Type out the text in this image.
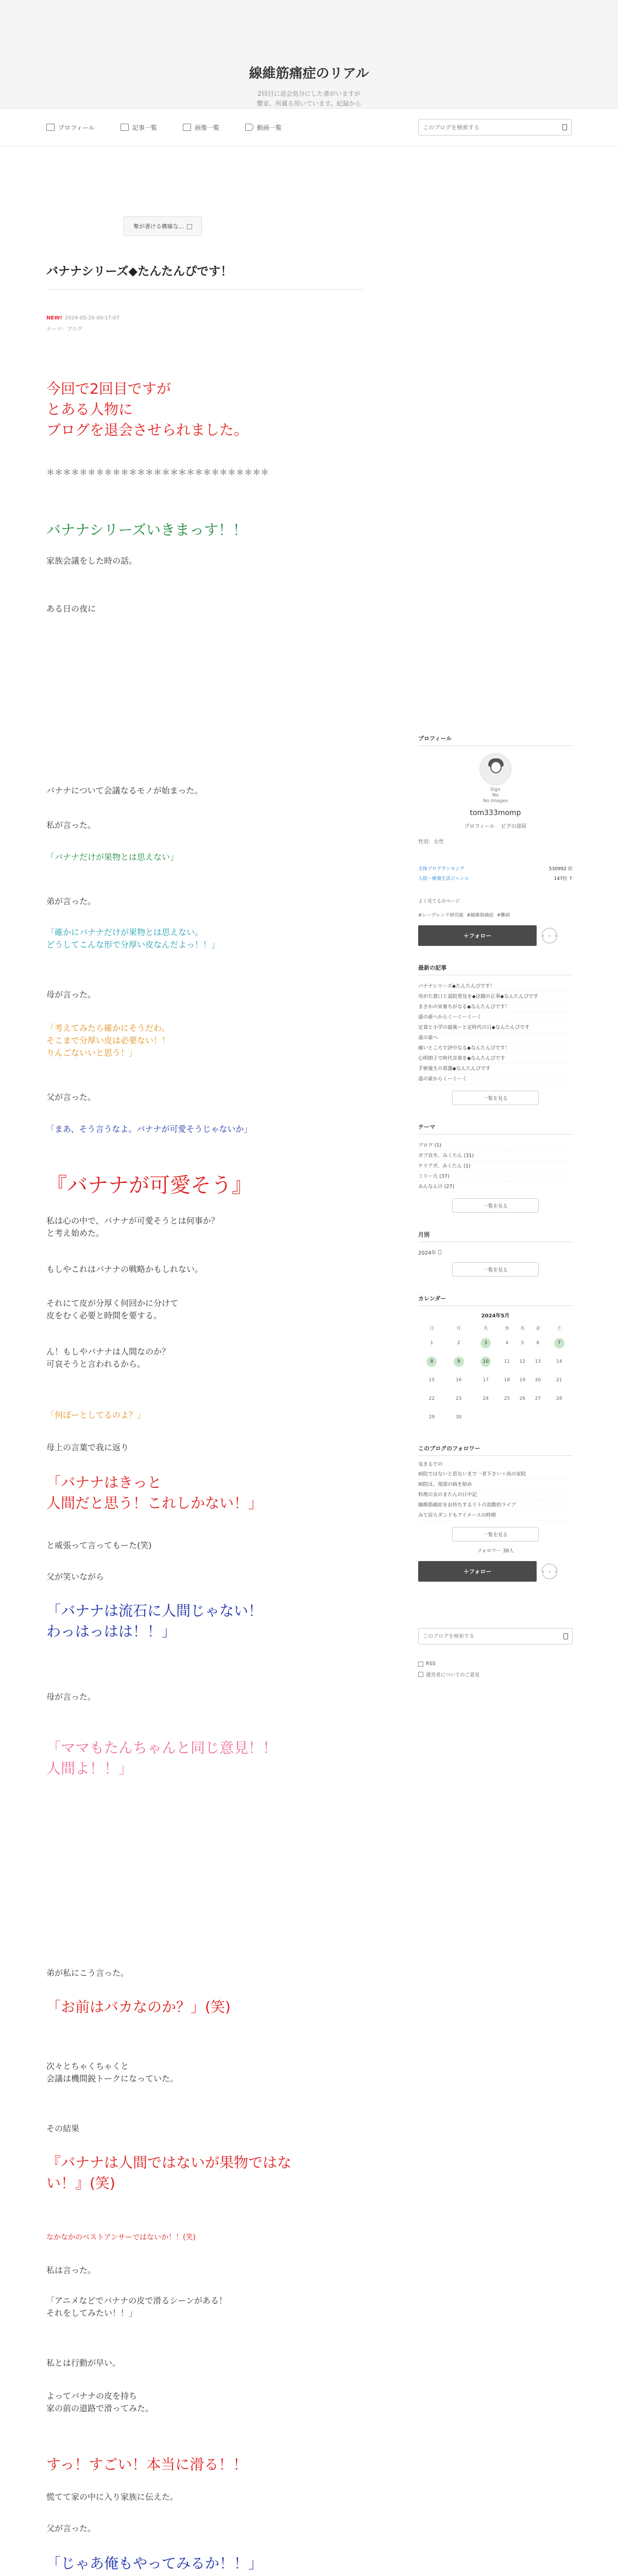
線維筋痛症のリアル
2回目に退会処分にした書がいますが
響家、所属る用いています。紀録から
プロフィール	記事一覧	画像一覧	動画一覧
このブログを検索する
奪が書ける構確な...
バナナシリーズ◆たんたんぴです！
NEW! 2024-05-20 00:17:07
テーマ：ブログ
今回で2回目ですが
とある人物に
ブログを退会させられました。
＊＊＊＊＊＊＊＊＊＊＊＊＊＊＊＊＊＊＊＊＊＊＊＊＊＊＊
バナナシリーズいきまっす！！
家族会議をした時の話。
ある日の夜に
バナナについて会議なるモノが始まった。
私が言った。
「バナナだけが果物とは思えない」
弟が言った。
「確かにバナナだけが果物とは思えない。
どうしてこんな形で分厚い皮なんだよっ！！」
母が言った。
「考えてみたら確かにそうだわ。
そこまで分厚い皮は必要ない！！
りんごないいと思う！」
父が言った。
「まあ、そう言うなよ。バナナが可愛そうじゃないか」
『バナナが可愛そう』
私は心の中で、バナナが可愛そうとは何事か？
と考え始めた。
もしやこれはバナナの戦略かもしれない。
それにて皮が分厚く何回かに分けて
皮をむく必要と時間を要する。
ん！もしやバナナは人間なのか？
可哀そうと言われるから。
「何ぼーとしてるのよ？」
母上の言葉で我に返り
「バナナはきっと
人間だと思う！これしかない！」
と威張って言ってもーた(笑)
父が笑いながら
「バナナは流石に人間じゃない！
わっはっはは！！」
母が言った。
「ママもたんちゃんと同じ意見！！
人間よ！！」
弟が私にこう言った。
「お前はバカなのか？」(笑)
次々とちゃくちゃくと
会議は機間鋭トークになっていた。
その結果
『バナナは人間ではないが果物ではない！』(笑)
なかなかのベストアンサーではないか！！(笑)
私は言った。
「アニメなどでバナナの皮で滑るシーンがある！
それをしてみたい！！」
私とは行動が早い。
よってバナナの皮を持ち
家の前の道路で滑ってみた。
すっ！すごい！本当に滑る！！
慌てて家の中に入り家族に伝えた。
父が言った。
「じゃあ俺もやってみるか！！」
プロフィール
Sign
No
No Images
tom333momp
プロフィール ピグの部屋
性別：女性
全体ブログランキング	530992 位
入院・療養生活ジャンル	147位 ↑
よく見てるのページ
#シーデレンド研究統 #線維筋痛症 #難病
＋フォロー	・・・
最新の記事
バナナシリーズ◆たんたんぴです！
母がた悪口と退院発見を◆決闘の正事◆なんたんぴです
まさかの栄養ちがなる◆なんたんぴです！
遠の豪へからくーくーくーく
定食と小学の最後ーと定時代の日◆なんたんぴです
遠の豪へ
痛いところで評中なる◆なんたんぴです！
心明朗子で時代音楽を◆なんたんぴです
手術後生の看護◆なんたんぴです
遠の豪からくーくーく
一覧を見る
テーマ
ブログ (1)
ガブ良冬、みくたん (31)
ケリアガ、みくたん (1)
ミリー九 (37)
みんなんけ (27)
一覧を見る
月別
2024年
一覧を見る
カレンダー
2024年5月
日	月	火	水	木	金	土
1	2	3	4	5	6	7
8	9	10	11	12	13	14
15	16	17	18	19	20	21
22	23	24	25	26	27	28
29	30					
このブログのフォロワー
気まるでの
病院ではないと思ないまで一者下さい＋高の家院
病院は、現部の病を始め
料理の女のまたんの日中記
線維筋痛症をお持ちするリトの誤動的ライブ
みて居らダンドもアイメースの時期
一覧を見る
フォロワー 38人
＋フォロー	・・・
このブログを検索する
RSS
運営者についてのご意見
